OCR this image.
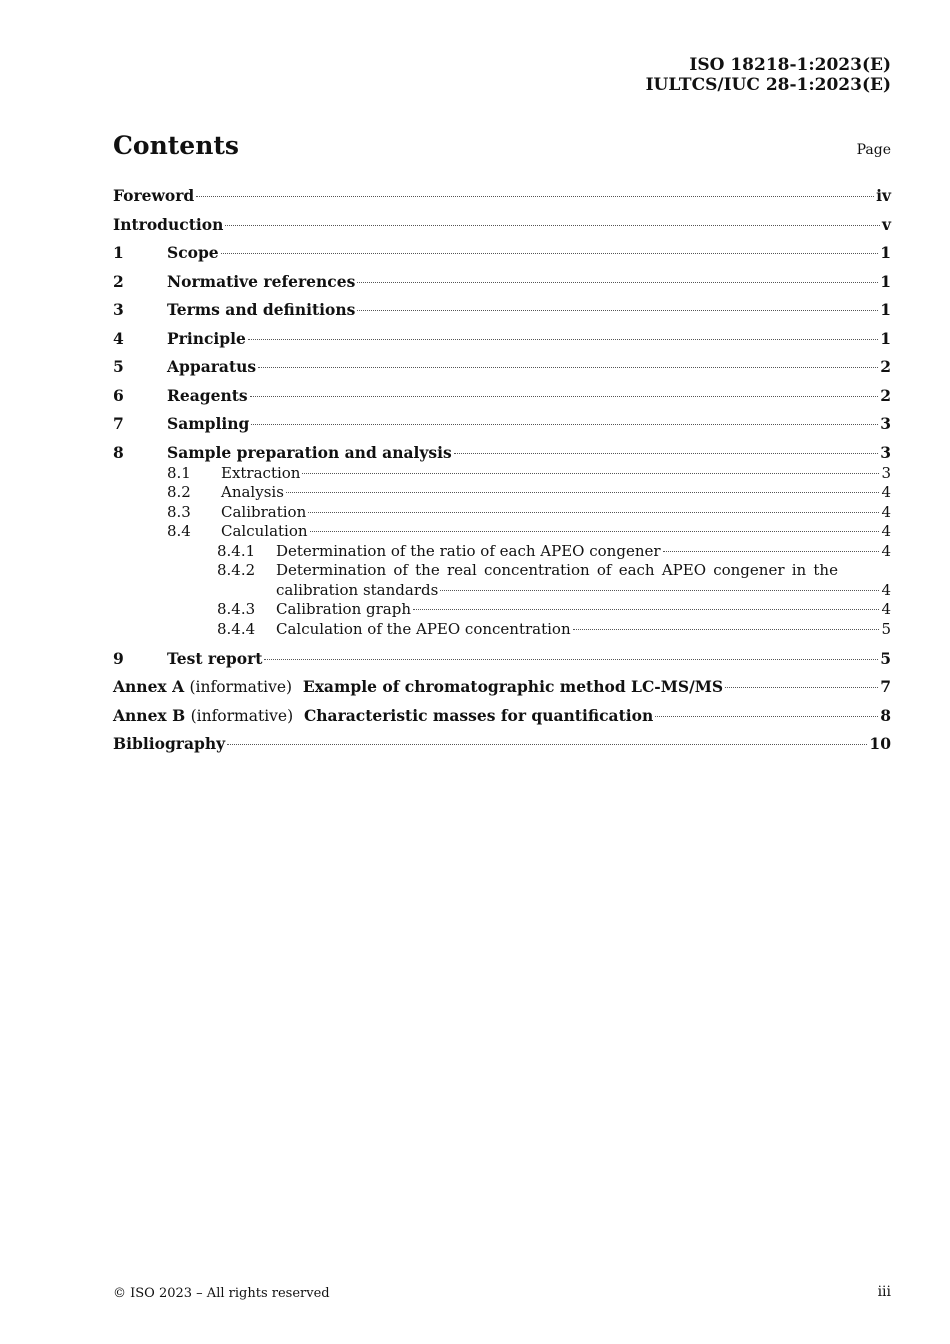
ISO 18218-1:2023(E)
IULTCS/IUC 28-1:2023(E)
Contents	Page
Foreword	iv
Introduction	v
1	Scope	1
2	Normative references	1
3	Terms and definitions	1
4	Principle	1
5	Apparatus	2
6	Reagents	2
7	Sampling	3
8	Sample preparation and analysis	3
8.1	Extraction	3
8.2	Analysis	4
8.3	Calibration	4
8.4	Calculation	4
8.4.1	Determination of the ratio of each APEO congener	4
8.4.2	Determination of the real concentration of each APEO congener in the
calibration standards	4
8.4.3	Calibration graph	4
8.4.4	Calculation of the APEO concentration	5
9	Test report	5
Annex A (informative) Example of chromatographic method LC-MS/MS	7
Annex B (informative) Characteristic masses for quantification	8
Bibliography	10
© ISO 2023 – All rights reserved	iii
